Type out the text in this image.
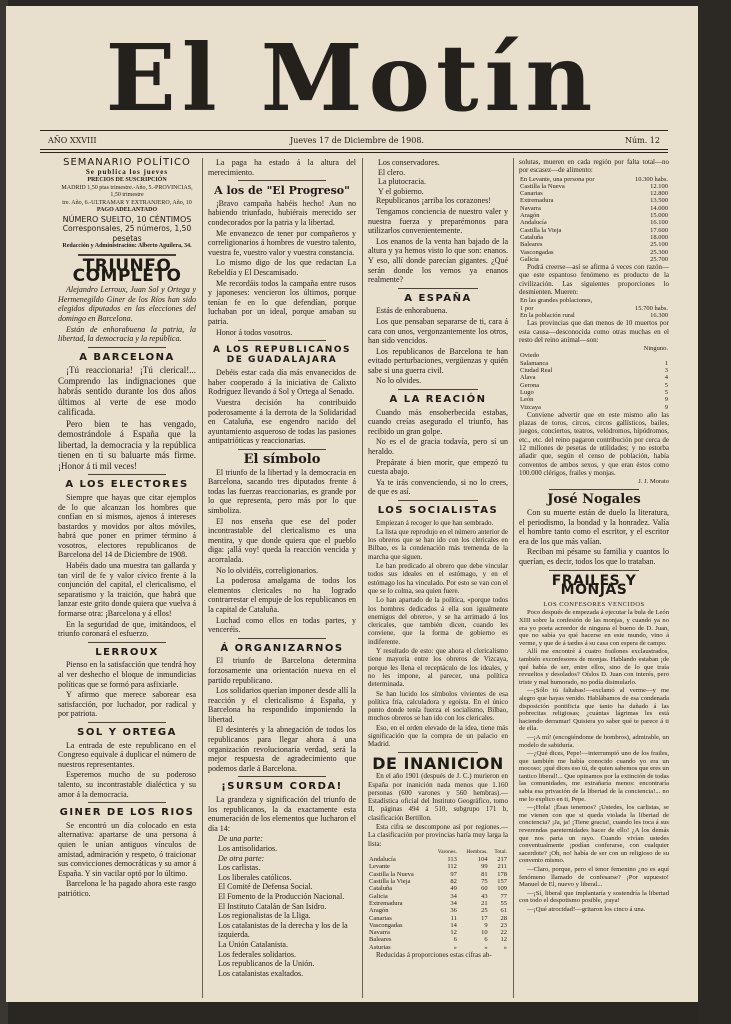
El Motín
AÑO XXVIII	Jueves 17 de Diciembre de 1908.	Núm. 12
SEMANARIO POLÍTICO
Se publica los jueves
PRECIOS DE SUSCRIPCIÓN
MADRID 1,50 ptas trimestre.-Año, 5.-PROVINCIAS, 1,50 trimestre
tre. Año, 6.-ULTRAMAR Y EXTRANJERO, Año, 10
PAGO ADELANTADO
NÚMERO SUELTO, 10 CÉNTIMOS
Corresponsales, 25 números, 1,50 pesetas
Redacción y Administración: Alberto Aguilera, 34.
TRIUNFO COMPLETO

Alejandro Lerroux, Juan Sol y Ortega y Hermenegildo Giner de los Ríos han sido elegidos diputados en las elecciones del domingo en Barcelona.

Están de enhorabuena la patria, la libertad, la democracia y la república.

A BARCELONA

¡Tú reaccionaria! ¡Tú clerical!... Comprendo las indignaciones que habrás sentido durante los dos años últimos al verte de ese modo calificada.

Pero bien te has vengado, demostrándole á España que la libertad, la democracia y la república tienen en ti su baluarte más firme. ¡Honor á ti mil veces!

A LOS ELECTORES

Siempre que hayas que citar ejemplos de lo que alcanzan los hombres que confían en sí mismos, ajenos á intereses bastardos y movidos por altos móviles, habrá que poner en primer término á vosotros, electores republicanos de Barcelona del 14 de Diciembre de 1908.

Habéis dado una muestra tan gallarda y tan viril de fe y valor cívico frente á la conjunción del capital, el clericalismo, el separatismo y la traición, que habrá que lanzar este grito donde quiera que vuelva á formarse otra: ¡Barcelona y á ellos!

En la seguridad de que, imitándoos, el triunfo coronará el esfuerzo.

LERROUX

Pienso en la satisfacción que tendrá hoy al ver deshecho el bloque de inmundicias políticas que se formó para asfixiarle.

Y afirmo que merece saborear esa satisfacción, por luchador, por radical y por patriota.

SOL Y ORTEGA

La entrada de este republicano en el Congreso equivale á duplicar el número de nuestros representantes.

Esperemos mucho de su poderoso talento, su incontrastable dialéctica y su amor á la democracia.

GINER DE LOS RIOS

Se encontró un día colocado en esta alternativa: apartarse de una persona á quien le unían antiguos vínculos de amistad, admiración y respeto, ó traicionar sus convicciones democráticas y su amor á España. Y sin vacilar optó por lo último.

Barcelona le ha pagado ahora este rasgo patriótico.

La paga ha estado á la altura del merecimiento.

A los de "El Progreso"

¡Bravo campaña habéis hecho! Aun no habiendo triunfado, hubiérais merecido ser condecorados por la patria y la libertad.

Me envanezco de tener por compañeros y correligionarios á hombres de vuestro talento, vuestra fe, vuestro valor y vuestra constancia.

Lo mismo digo de los que redactan La Rebeldía y El Descamisado.

Me recordáis todos la campaña entre rusos y japoneses: vencieron los últimos, porque tenían fe en lo que defendían, porque luchaban por un ideal, porque amaban su patria.

Honor á todos vosotros.

A LOS REPUBLICANOS DE GUADALAJARA

Debéis estar cada día más envanecidos de haber cooperado á la iniciativa de Calixto Rodríguez llevando á Sol y Ortega al Senado.

Vuestra decisión ha contribuido poderosamente á la derrota de la Solidaridad en Cataluña, ese engendro nacido del ayuntamiento asqueroso de todas las pasiones antipatrióticas y reaccionarias.

El símbolo

El triunfo de la libertad y la democracia en Barcelona, sacando tres diputados frente á todas las fuerzas reaccionarias, es grande por lo que representa, pero más por lo que simboliza.

El nos enseña que ese del poder incontrastable del clericalismo es una mentira, y que donde quiera que el pueblo diga: ¡allá voy! queda la reacción vencida y acorralada.

No lo olvidéis, correligionarios.

La poderosa amalgama de todos los elementos clericales no ha logrado contrarrestar el empuje de los republicanos en la capital de Cataluña.

Luchad como ellos en todas partes, y venceréis.

Á ORGANIZARNOS

El triunfo de Barcelona determina forzosamente una orientación nueva en el partido republicano.

Los solidarios querían imponer desde allí la reacción y el clericalismo á España, y Barcelona ha respondido imponiendo la libertad.

El desinterés y la abnegación de todos los republicanos para llegar ahora á una organización revolucionaria verdad, será la mejor respuesta de agradecimiento que podemos darle á Barcelona.

¡SURSUM CORDA!

La grandeza y significación del triunfo de los republicanos, la da exactamente esta enumeración de los elementos que lucharon el día 14:

De una parte:
Los antisolidarios.
De otra parte:
Los carlistas.
Los liberales católicos.
El Comité de Defensa Social.
El Fomento de la Producción Nacional.
El Instituto Catalán de San Isidro.
Los regionalistas de la Lliga.
Los catalanistas de la derecha y los de la izquierda.
La Unión Catalanista.
Los federales solidarios.
Los republicanos de la Unión.
Los catalanistas exaltados.
Los conservadores.
El clero.
La plutocracia.
Y el gobierno.

Republicanos ¡arriba los corazones!

Tengamos conciencia de nuestro valer y nuestra fuerza y preparémonos para utilizarlos convenientemente.

Los enanos de la venta han bajado de la altura y ya hemos visto lo que son: enanos. Y eso, allí donde parecían gigantes. ¿Qué serán donde los vemos ya enanos realmente?

A ESPAÑA

Estás de enhorabuena.

Los que pensaban separarse de ti, cara á cara con unos, vergonzantemente los otros, han sido vencidos.

Los republicanos de Barcelona te han evitado perturbaciones, vergüenzas y quién sabe si una guerra civil.

No lo olvides.

A LA REACIÓN

Cuando más ensoberbecida estabas, cuando creías asegurado el triunfo, has recibido un gran golpe.

No es el de gracia todavía, pero sí un heraldo.

Prepárate á bien morir, que empezó tu cuesta abajo.

Ya te irás convenciendo, si no lo crees, de que es así.

LOS SOCIALISTAS

Empiezan á recoger lo que han sembrado.

La lista que reprodujo en el número anterior de los obreros que se han ido con los clericales en Bilbao, es la condenación más tremenda de la marcha que siguen.

Le han predicado al obrero que debe vincular todos sus ideales en el estómago, y en el estómago los ha vinculado. Por esto se van con el que se lo colma, sea quien fuere.

Lo han apartado de la política, «porque todos los hombres dedicados á ella son igualmente enemigos del obrero», y se ha arrimado á los clericales, que también dicen, cuando les conviene, que la forma de gobierno es indiferente.

Y resultado de esto: que ahora el clericalismo tiene mayoría entre los obreros de Vizcaya, porque les llena el receptáculo de los ideales, y no les impone, al parecer, una política determinada.

Se han lucido los símbolos vivientes de esa política fría, calculadora y egoísta. En el único punto donde tenía fuerza el socialismo, Bilbao, muchos obreros se han ido con los clericales.

Eso, en el orden elevado de la idea, tiene más significación que la compra de un palacio en Madrid.

DE INANICION

En el año 1901 (después de J. C.) murieron en España por inanición nada menos que 1.160 personas (600 varones y 560 hembras).—Estadística oficial del Instituto Geográfico, tomo II, páginas 494 á 510, subgrupo 171 b, clasificación Bertillon.

Esta cifra se descompone así por regiones.—La clasificación por provincias haría muy larga la lista:

	Varones.	Hembras.	Total.
Andalucía	113	104	217
Levante	112	99	211
Castilla la Nueva	97	81	178
Castilla la Vieja	82	75	157
Cataluña	49	60	109
Galicia	34	43	77
Extremadura	34	21	55
Aragón	36	25	61
Canarias	11	17	28
Vascongadas	14	9	23
Navarra	12	10	22
Baleares	6	6	12
Asturias	»	»	»

Reducidas á proporciones estas cifras ab-

solutas, mueren en cada región por falta total—no por escasez—de alimento:

En Levante, una persona por	10.300 habs.
Castilla la Nueva	12.100
Canarias	12.800
Extremadura	13.500
Navarra	14.000
Aragón	15.000
Andalucía	16.100
Castilla la Vieja	17.600
Cataluña	18.000
Baleares	25.100
Vascongadas	25.300
Galicia	25.700

Podrá creerse—así se afirma á veces con razón—que este espantoso fenómeno es producto de la civilización. Las siguientes proporciones lo desmienten. Mueren:

En las grandes poblaciones,	
1 por	15.700 habs.
En la población rural	16.300

Las provincias que dan menos de 10 muertos por esta causa—desconocida como otras muchas en el resto del reino animal—son:

	Ninguno.
Oviedo	
Salamanca	1
Ciudad Real	3
Alava	4
Gerona	5
Lugo	5
León	9
Vizcaya	9

Conviene advertir que en este mismo año las plazas de toros, circos, circos gallísticos, bailes, juegos, conciertos, teatros, velódromos, hipódromos, etc., etc. del reino pagaron contribución por cerca de 12 millones de pesetas de utilidades; y no estorba añadir que, según el censo de población, había conventos de ambos sexos, y que eran éstos como 100.000 clérigos, frailes y monjas.

J. J. Morato
José Nogales

Con su muerte están de duelo la literatura, el periodismo, la bondad y la honradez. Valía el hombre tanto como el escritor, y el escritor era de los que más valían.

Reciban mi pésame su familia y cuantos lo querían, es decir, todos los que lo trataban.

FRAILES Y MONJAS
LOS CONFESORES VENCIDOS

Poco después de empezada á ejecutar la bula de León XIII sobre la confesión de las monjas, y cuando ya no era yo poeta acreedor de ninguna el bueno de D. Juan, que no sabía ya qué hacerse en este mundo, vino á verme, y que de á tardes á su casa con espera de campo.

Allí me encontré á cuatro frailones exclaustrados, también exconfesores de monjas. Hablando estaban ¡de qué había de ser, entre ellos, sino de lo que traía revueltos y desolados? Oíslos D. Juan con interés, pero triste y mal humorado, no podía disimularlo.

—¡Sólo tú faltabas!—exclamó al verme—y me alegro que hayas venido. Hablábamos de esa condenada disposición pontificia que tanto ha dañado á las pobrecitas religiosas; ¿cuántas lágrimas les está haciendo derramar! Quisiera yo saber qué te parece á ti de ella.

—¡A mí! (encogiéndome de hombros), admirable, un modelo de sabiduría.

—¿Qué dices, Pepe!—interrumpió uno de los frailes, que también me había conocido cuando yo era un mocoso; ¡qué dices eso tú, de quien sabemos que eres un tantico liberal!... Que opinamos por la extinción de todas las comunidades, me extrañaría menos: encontraría sabia esa privación de la libertad de la conciencia!... no me lo explico en ti, Pepe.

—¡Hola! ¡Ésas tenemos? ¡Ustedes, los carlistas, se me vienen con que si queda violada la libertad de conciencia? ¡Ja, ja! ¡Tiene gracia!, cuando les toca á sus reverendas pareternidades hacer de ello! ¿A los demás que nos parta un rayo. Cuando vivían ustedes conventualmente ¡podían conferarse, con cualquier sacerdote? ¡Oh, no! había de ser con un religioso de su convento mismo.

—Claro, porque, pero el tenor femenino ¿no es aquí fenómeno llamado de confesarse? ¡Por supuesto! Manuel de El, nuevo y liberal...

—¡Sí, liberal que implantaría y sostendría la libertad con todo el despotismo posible, ¡raya!

—¡Qué atrocidad!—gritaron los cinco á una.
